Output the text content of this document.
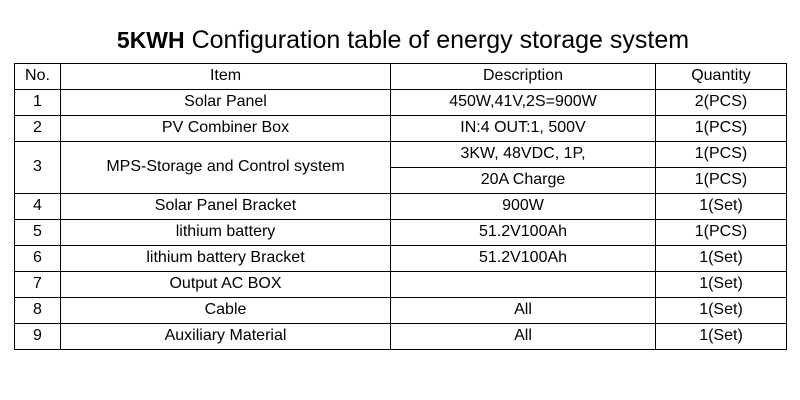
5KWH Configuration table of energy storage system
No.	Item	Description	Quantity
1	Solar Panel	450W,41V,2S=900W	2(PCS)
2	PV Combiner Box	IN:4 OUT:1, 500V	1(PCS)
3	MPS-Storage and Control system	3KW, 48VDC, 1P,	1(PCS)
		20A Charge	1(PCS)
4	Solar Panel Bracket	900W	1(Set)
5	lithium battery	51.2V100Ah	1(PCS)
6	lithium battery Bracket	51.2V100Ah	1(Set)
7	Output AC BOX		1(Set)
8	Cable	All	1(Set)
9	Auxiliary Material	All	1(Set)
